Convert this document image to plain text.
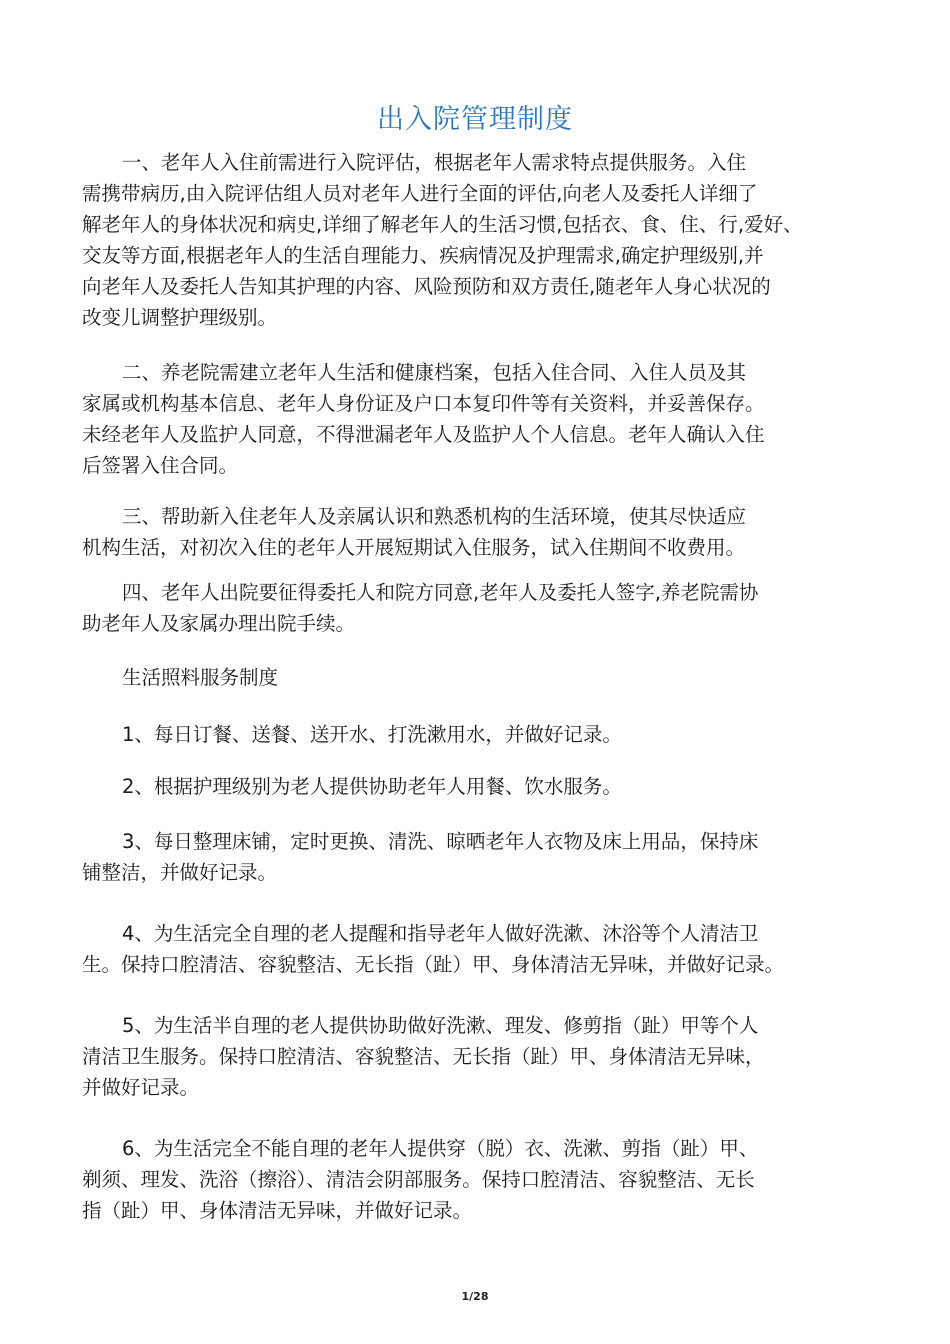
出入院管理制度
一、老年人入住前需进行入院评估，根据老年人需求特点提供服务。入住
需携带病历,由入院评估组人员对老年人进行全面的评估,向老人及委托人详细了
解老年人的身体状况和病史,详细了解老年人的生活习惯,包括衣、食、住、行,爱好、
交友等方面,根据老年人的生活自理能力、疾病情况及护理需求,确定护理级别,并
向老年人及委托人告知其护理的内容、风险预防和双方责任,随老年人身心状况的
改变儿调整护理级别。
二、养老院需建立老年人生活和健康档案，包括入住合同、入住人员及其
家属或机构基本信息、老年人身份证及户口本复印件等有关资料，并妥善保存。
未经老年人及监护人同意，不得泄漏老年人及监护人个人信息。老年人确认入住
后签署入住合同。
三、帮助新入住老年人及亲属认识和熟悉机构的生活环境，使其尽快适应
机构生活，对初次入住的老年人开展短期试入住服务，试入住期间不收费用。
四、老年人出院要征得委托人和院方同意,老年人及委托人签字,养老院需协
助老年人及家属办理出院手续。
生活照料服务制度
1、每日订餐、送餐、送开水、打洗漱用水，并做好记录。
2、根据护理级别为老人提供协助老年人用餐、饮水服务。
3、每日整理床铺，定时更换、清洗、晾晒老年人衣物及床上用品，保持床
铺整洁，并做好记录。
4、为生活完全自理的老人提醒和指导老年人做好洗漱、沐浴等个人清洁卫
生。保持口腔清洁、容貌整洁、无长指（趾）甲、身体清洁无异味，并做好记录。
5、为生活半自理的老人提供协助做好洗漱、理发、修剪指（趾）甲等个人
清洁卫生服务。保持口腔清洁、容貌整洁、无长指（趾）甲、身体清洁无异味，
并做好记录。
6、为生活完全不能自理的老年人提供穿（脱）衣、洗漱、剪指（趾）甲、
剃须、理发、洗浴（擦浴）、清洁会阴部服务。保持口腔清洁、容貌整洁、无长
指（趾）甲、身体清洁无异味，并做好记录。
1/28
